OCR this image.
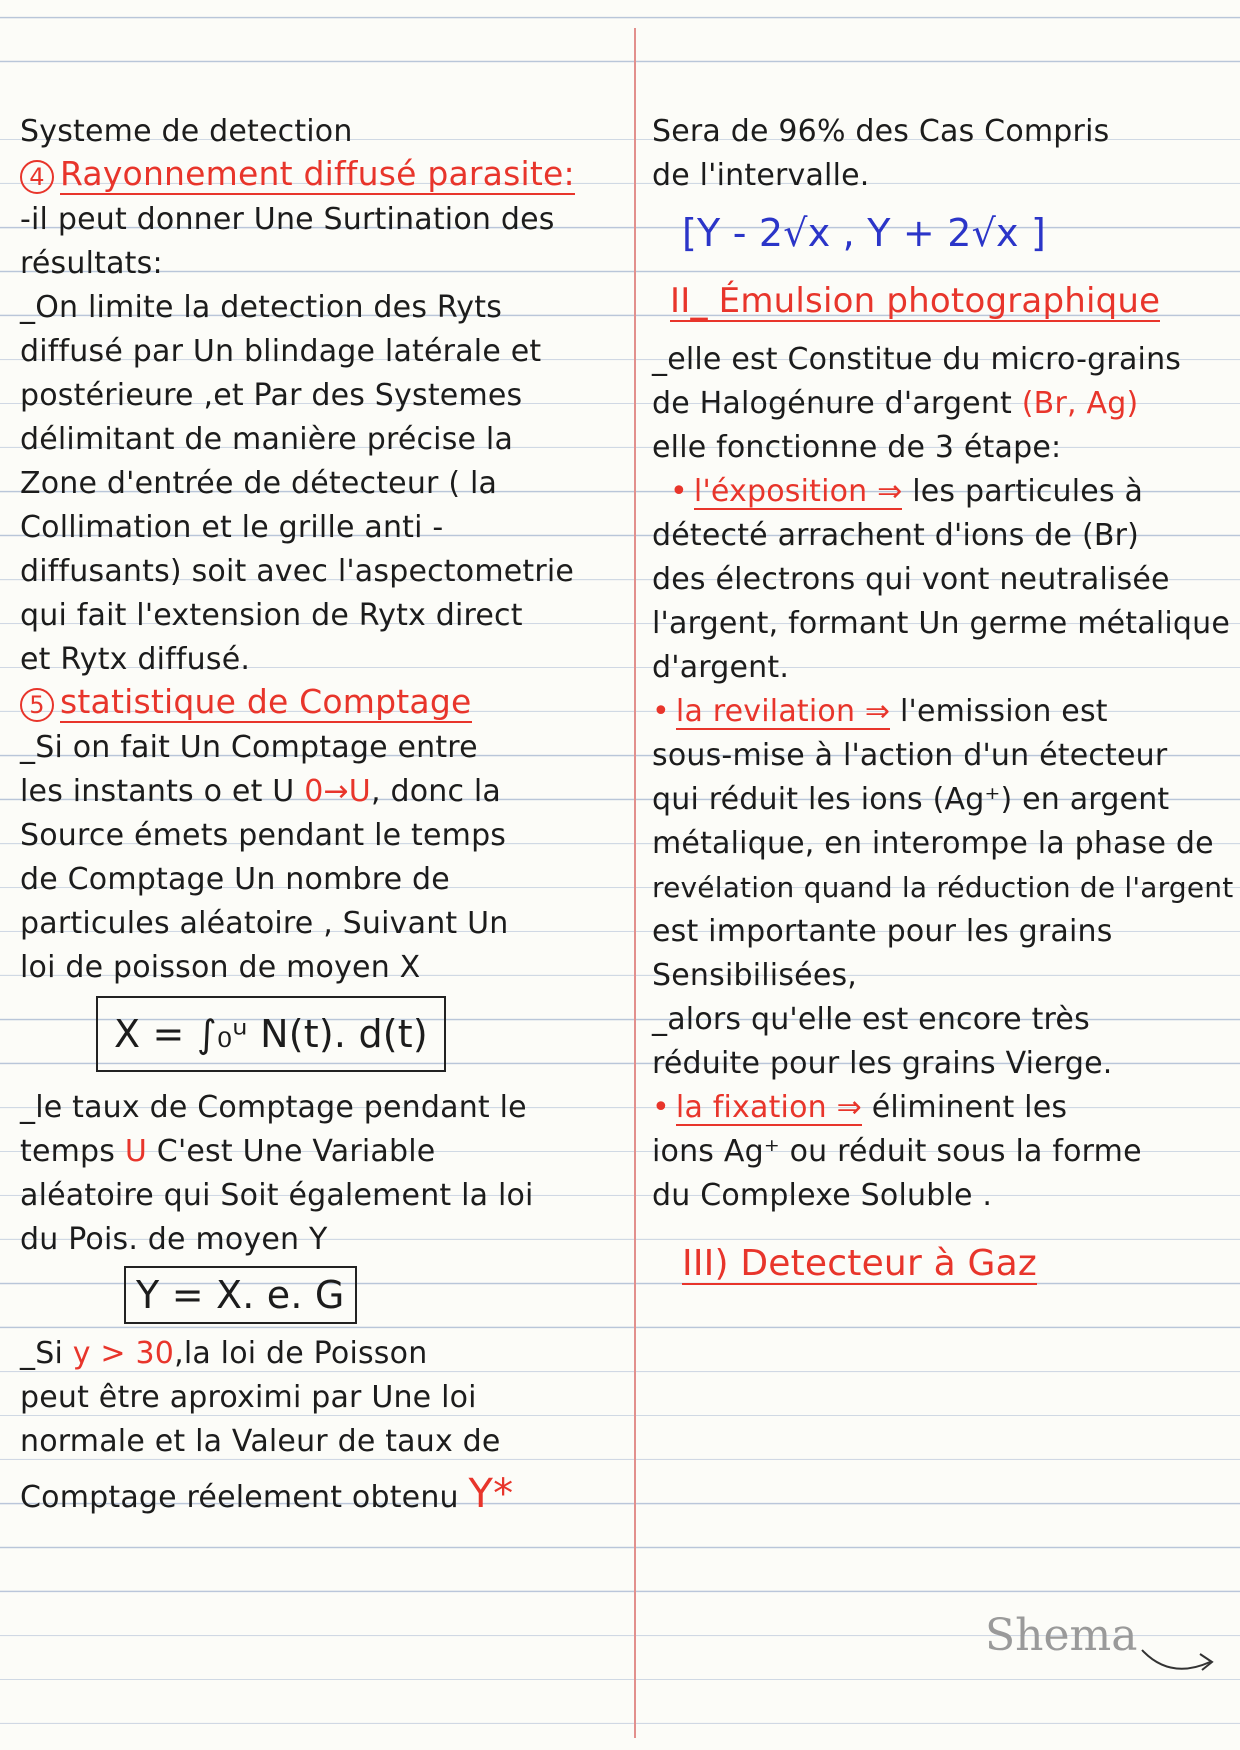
Systeme de detection
4 Rayonnement diffusé parasite:
-il peut donner Une Surtination des
résultats:
_On limite la detection des Ryts
diffusé par Un blindage latérale et
postérieure ,et Par des Systemes
délimitant de manière précise la
Zone d'entrée de détecteur ( la
Collimation et le grille anti -
diffusants) soit avec l'aspectometrie
qui fait l'extension de Rytx direct
et Rytx diffusé.
5 statistique de Comptage
_Si on fait Un Comptage entre
les instants o et U 0→U, donc la
Source émets pendant le temps
de Comptage Un nombre de
particules aléatoire , Suivant Un
loi de poisson de moyen X
X = ∫₀ᵘ N(t). d(t)
_le taux de Comptage pendant le
temps U C'est Une Variable
aléatoire qui Soit également la loi
du Pois. de moyen Y
Y = X. e. G
_Si y > 30,la loi de Poisson
peut être aproximi par Une loi
normale et la Valeur de taux de
Comptage réelement obtenu Y*
Sera de 96% des Cas Compris
de l'intervalle.
[Y - 2√x , Y + 2√x ]
II_ Émulsion photographique
_elle est Constitue du micro-grains
de Halogénure d'argent (Br, Ag)
elle fonctionne de 3 étape:
• l'éxposition ⇒ les particules à
détecté arrachent d'ions de (Br)
des électrons qui vont neutralisée
l'argent, formant Un germe métalique
d'argent.
• la revilation ⇒ l'emission est
sous-mise à l'action d'un étecteur
qui réduit les ions (Ag⁺) en argent
métalique, en interompe la phase de
revélation quand la réduction de l'argent
est importante pour les grains
Sensibilisées,
_alors qu'elle est encore très
réduite pour les grains Vierge.
• la fixation ⇒ éliminent les
ions Ag⁺ ou réduit sous la forme
du Complexe Soluble .
III) Detecteur à Gaz
Shema
